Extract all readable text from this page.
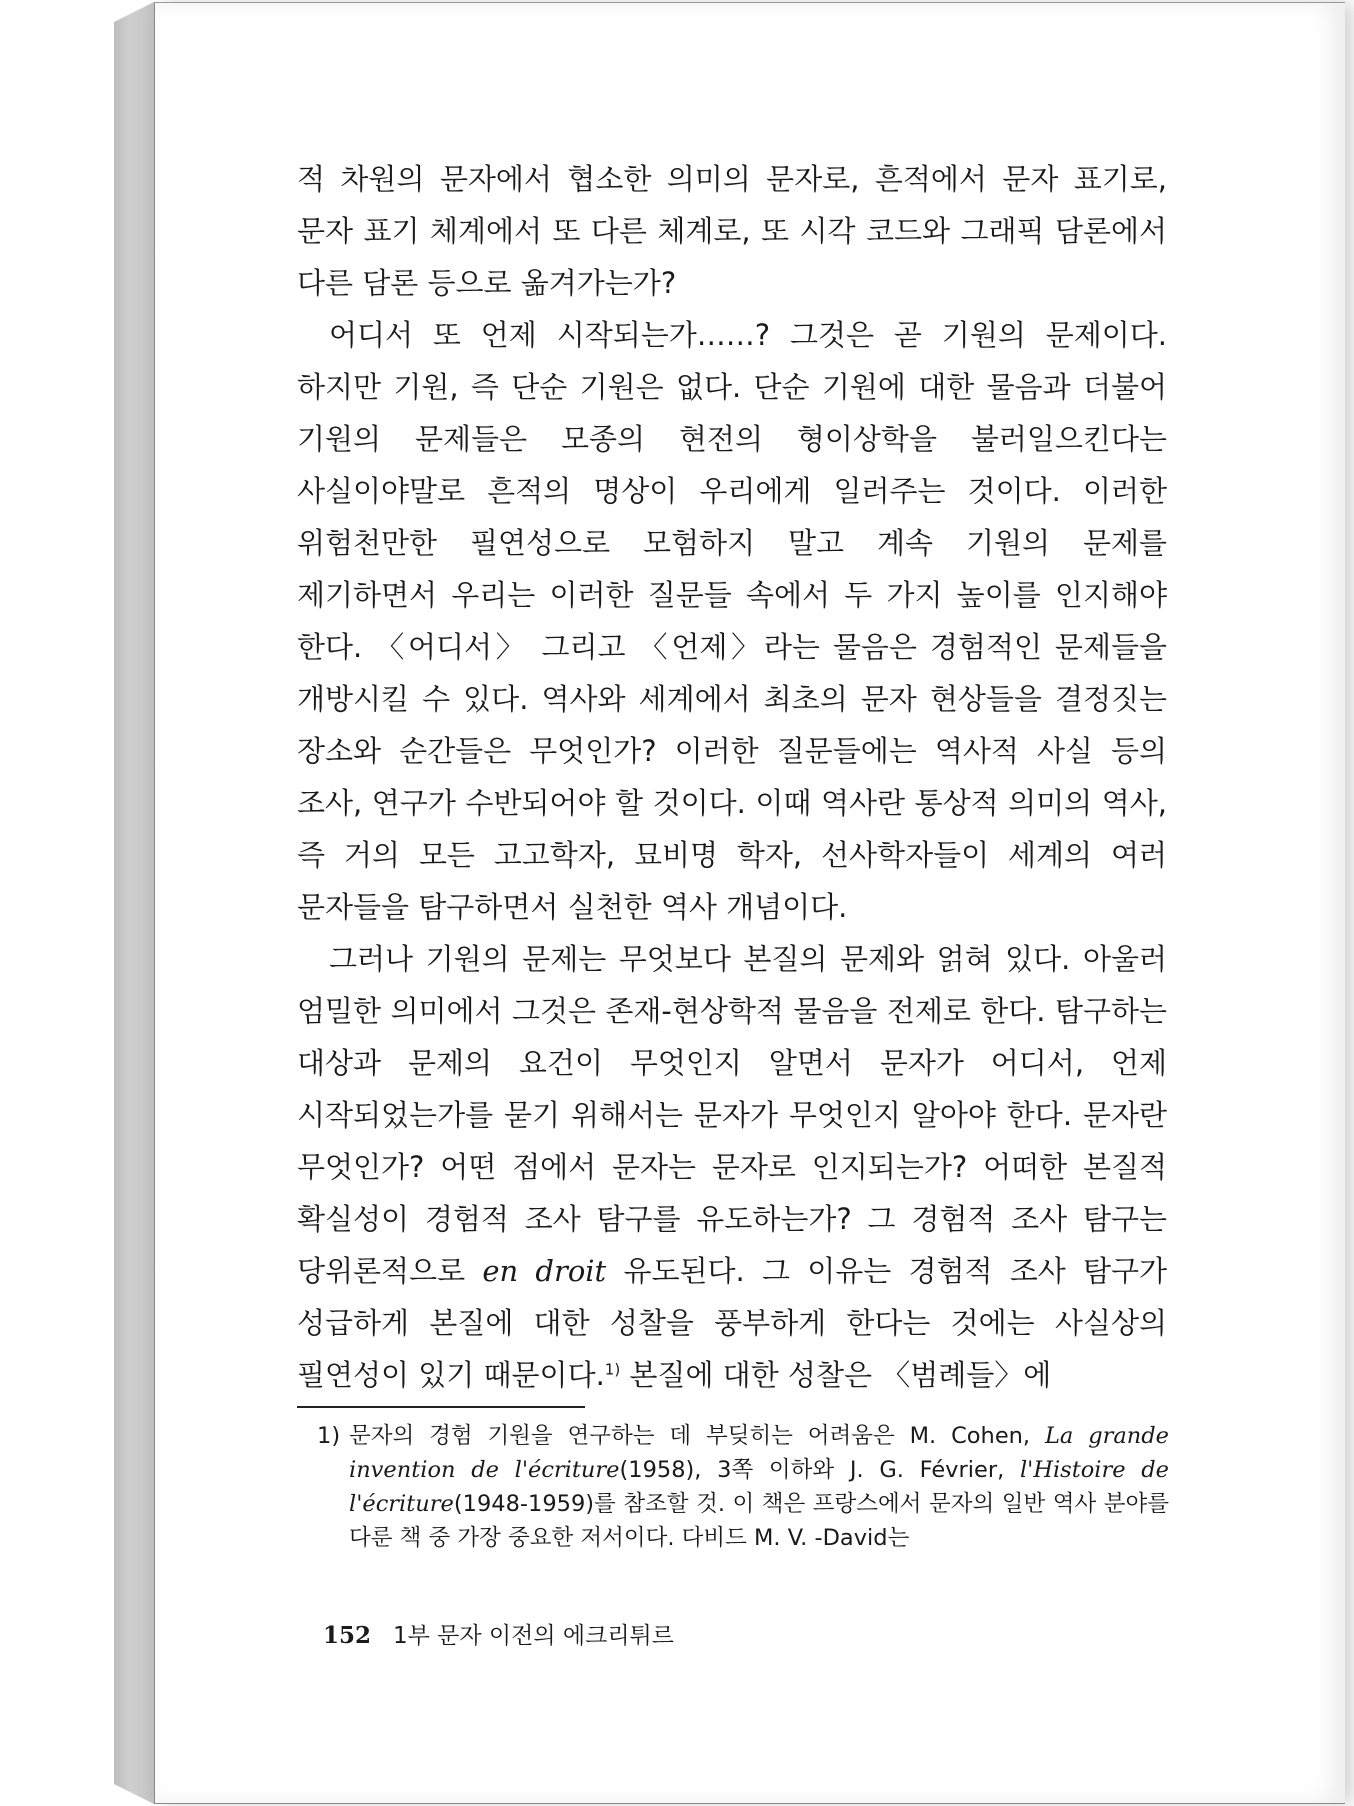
적 차원의 문자에서 협소한 의미의 문자로, 흔적에서 문자 표기로, 문자 표기 체계에서 또 다른 체계로, 또 시각 코드와 그래픽 담론에서 다른 담론 등으로 옮겨가는가?

어디서 또 언제 시작되는가……? 그것은 곧 기원의 문제이다. 하지만 기원, 즉 단순 기원은 없다. 단순 기원에 대한 물음과 더불어 기원의 문제들은 모종의 현전의 형이상학을 불러일으킨다는 사실이야말로 흔적의 명상이 우리에게 일러주는 것이다. 이러한 위험천만한 필연성으로 모험하지 말고 계속 기원의 문제를 제기하면서 우리는 이러한 질문들 속에서 두 가지 높이를 인지해야 한다. 〈어디서〉 그리고 〈언제〉라는 물음은 경험적인 문제들을 개방시킬 수 있다. 역사와 세계에서 최초의 문자 현상들을 결정짓는 장소와 순간들은 무엇인가? 이러한 질문들에는 역사적 사실 등의 조사, 연구가 수반되어야 할 것이다. 이때 역사란 통상적 의미의 역사, 즉 거의 모든 고고학자, 묘비명 학자, 선사학자들이 세계의 여러 문자들을 탐구하면서 실천한 역사 개념이다.

그러나 기원의 문제는 무엇보다 본질의 문제와 얽혀 있다. 아울러 엄밀한 의미에서 그것은 존재-현상학적 물음을 전제로 한다. 탐구하는 대상과 문제의 요건이 무엇인지 알면서 문자가 어디서, 언제 시작되었는가를 묻기 위해서는 문자가 무엇인지 알아야 한다. 문자란 무엇인가? 어떤 점에서 문자는 문자로 인지되는가? 어떠한 본질적 확실성이 경험적 조사 탐구를 유도하는가? 그 경험적 조사 탐구는 당위론적으로 en droit 유도된다. 그 이유는 경험적 조사 탐구가 성급하게 본질에 대한 성찰을 풍부하게 한다는 것에는 사실상의 필연성이 있기 때문이다.$^{1)}$ 본질에 대한 성찰은 〈범례들〉에

1) 문자의 경험 기원을 연구하는 데 부딪히는 어려움은 M. Cohen, La grande invention de l'écriture(1958), 3쪽 이하와 J. G. Février, l'Histoire de l'écriture(1948-1959)를 참조할 것. 이 책은 프랑스에서 문자의 일반 역사 분야를 다룬 책 중 가장 중요한 저서이다. 다비드 M. V. -David는

152 1부 문자 이전의 에크리튀르
